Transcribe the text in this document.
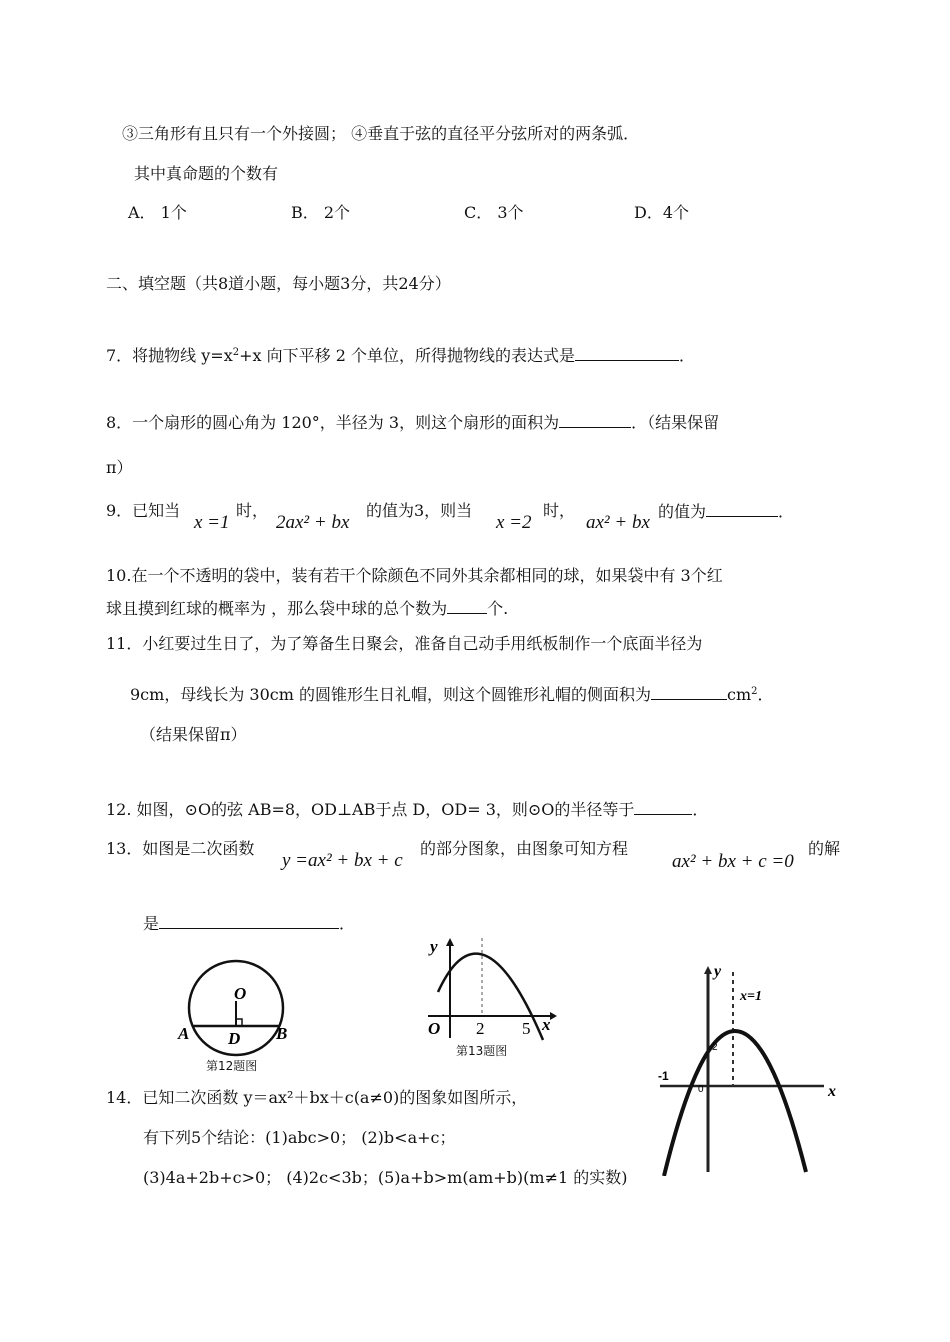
③三角形有且只有一个外接圆； ④垂直于弦的直径平分弦所对的两条弧．
其中真命题的个数有
A． 1个	B． 2个	C． 3个	D．4个
二、填空题（共8道小题，每小题3分，共24分）
7．将抛物线 $y=x^2+x$ 向下平移 2 个单位，所得抛物线的表达式是	．
8．一个扇形的圆心角为 120°，半径为 3，则这个扇形的面积为	．（结果保留
π）
9．已知当
x =1
时，
2ax² + bx
的值为3，则当
x =2
时，
ax² + bx
的值为	．
10.在一个不透明的袋中，装有若干个除颜色不同外其余都相同的球，如果袋中有 3个红
球且摸到红球的概率为 ，那么袋中球的总个数为	个.
11．小红要过生日了，为了筹备生日聚会，准备自己动手用纸板制作一个底面半径为
9cm，母线长为 30cm 的圆锥形生日礼帽，则这个圆锥形礼帽的侧面积为	$cm^2$．
（结果保留π）
12. 如图，⊙O的弦 AB=8，OD⊥AB于点 D，OD= 3，则⊙O的半径等于	．
13．如图是二次函数
y =ax² + bx + c
的部分图象，由图象可知方程
ax² + bx + c =0
的解
是	．
O
A	B
D
第12题图
y
x
O 2 5
第13题图
y
x
x=1
2
-1
0
14．已知二次函数 y＝ax²＋bx＋c(a≠0)的图象如图所示，
有下列5个结论：(1)abc>0； (2)b<a+c；
(3)4a+2b+c>0； (4)2c<3b；(5)a+b>m(am+b)(m≠1 的实数)
